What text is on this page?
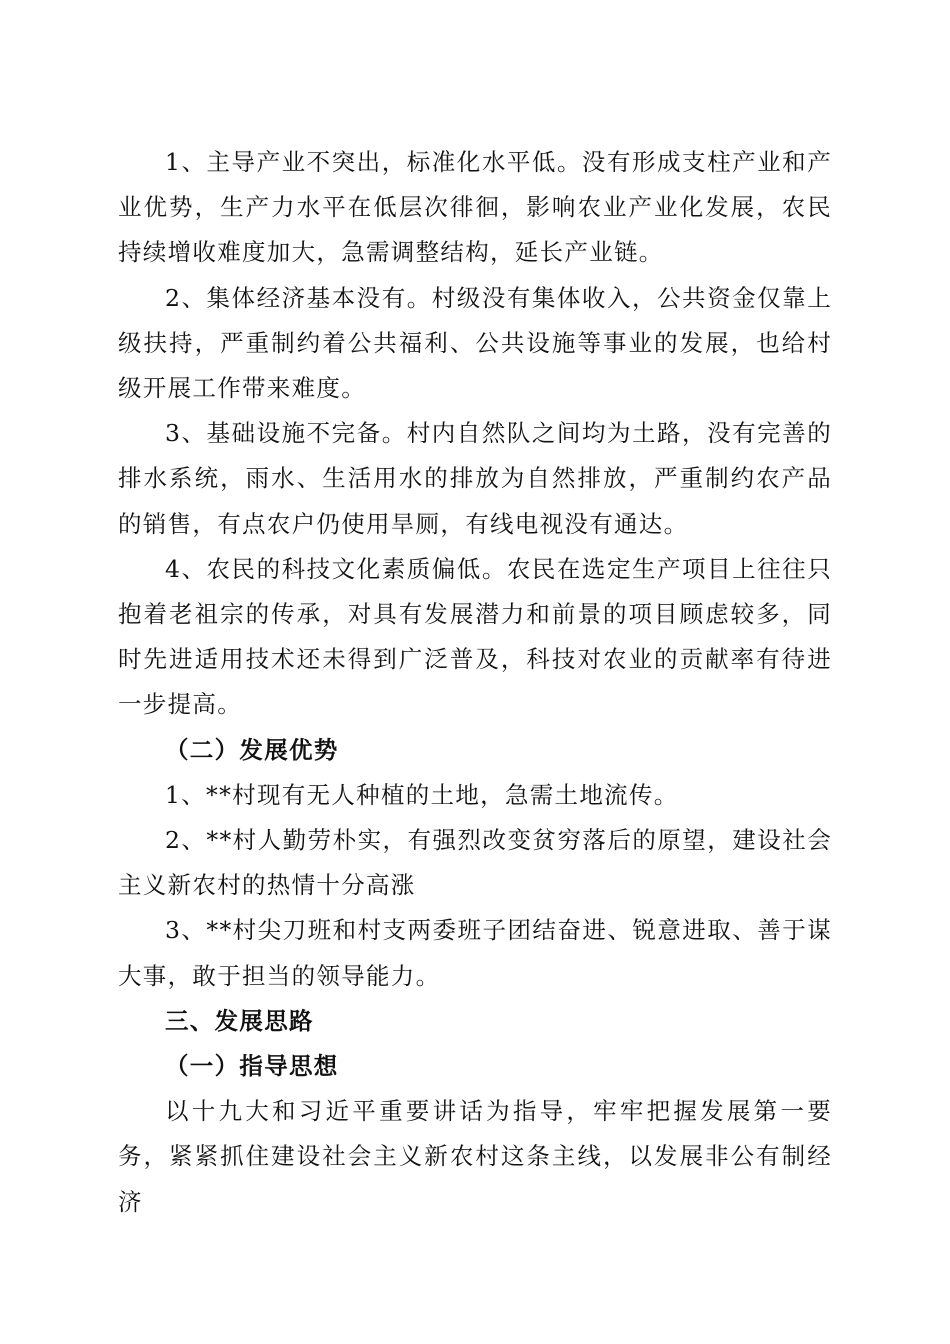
1、主导产业不突出，标准化水平低。没有形成支柱产业和产业优势，生产力水平在低层次徘徊，影响农业产业化发展，农民持续增收难度加大，急需调整结构，延长产业链。

2、集体经济基本没有。村级没有集体收入，公共资金仅靠上级扶持，严重制约着公共福利、公共设施等事业的发展，也给村级开展工作带来难度。

3、基础设施不完备。村内自然队之间均为土路，没有完善的排水系统，雨水、生活用水的排放为自然排放，严重制约农产品的销售，有点农户仍使用旱厕，有线电视没有通达。

4、农民的科技文化素质偏低。农民在选定生产项目上往往只抱着老祖宗的传承，对具有发展潜力和前景的项目顾虑较多，同时先进适用技术还未得到广泛普及，科技对农业的贡献率有待进一步提高。

（二）发展优势

1、**村现有无人种植的土地，急需土地流传。

2、**村人勤劳朴实，有强烈改变贫穷落后的原望，建设社会主义新农村的热情十分高涨

3、**村尖刀班和村支两委班子团结奋进、锐意进取、善于谋大事，敢于担当的领导能力。

三、发展思路

（一）指导思想

以十九大和习近平重要讲话为指导，牢牢把握发展第一要务，紧紧抓住建设社会主义新农村这条主线，以发展非公有制经济
